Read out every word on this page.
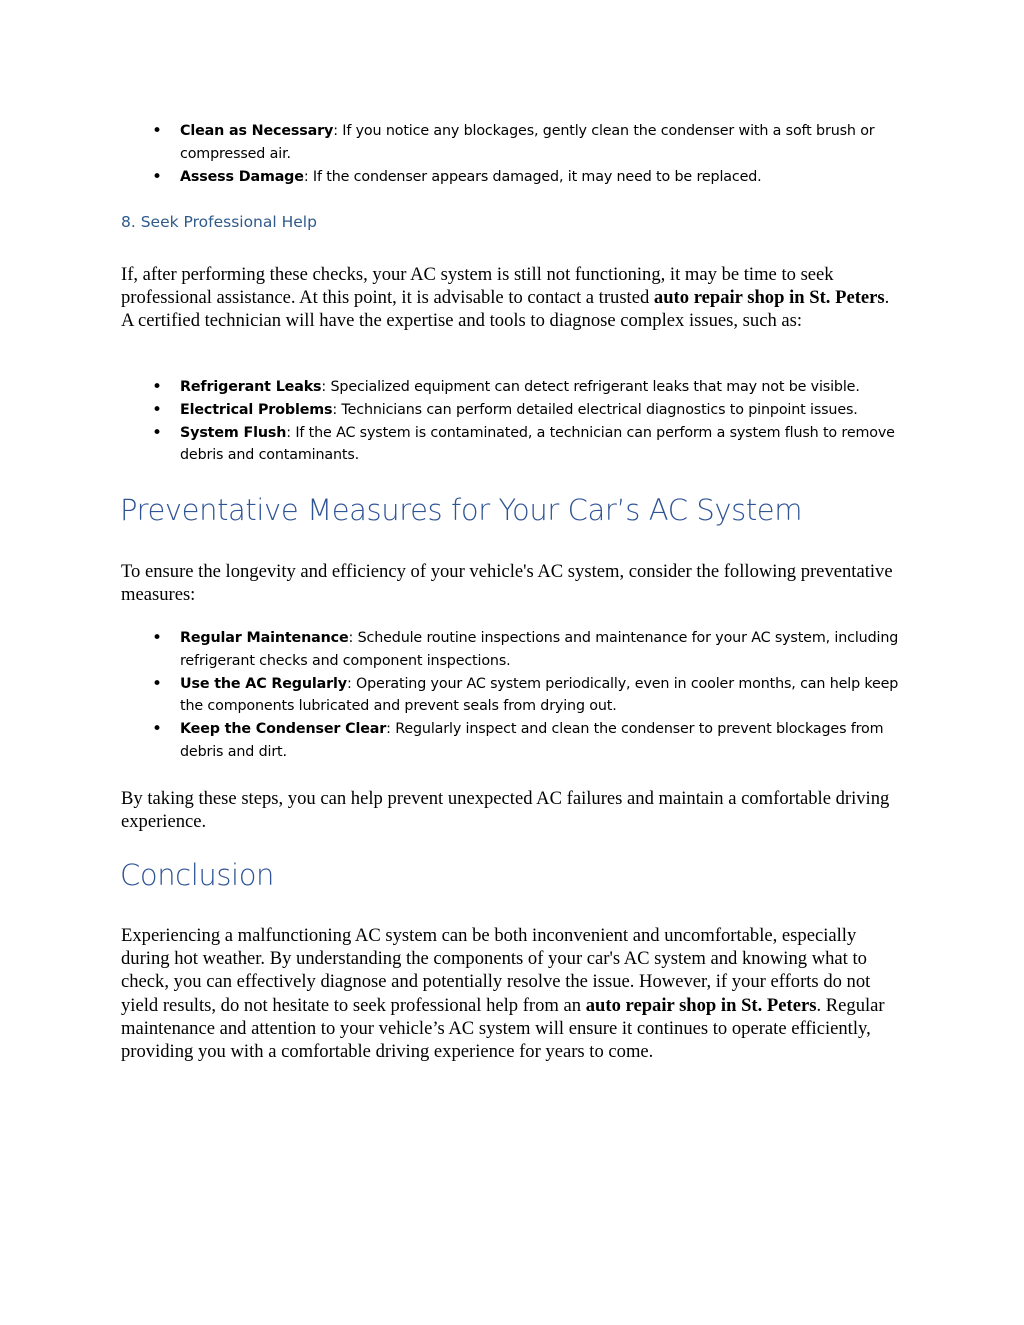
• Clean as Necessary: If you notice any blockages, gently clean the condenser with a soft brush or compressed air.
• Assess Damage: If the condenser appears damaged, it may need to be replaced.
8. Seek Professional Help

If, after performing these checks, your AC system is still not functioning, it may be time to seek professional assistance. At this point, it is advisable to contact a trusted auto repair shop in St. Peters. A certified technician will have the expertise and tools to diagnose complex issues, such as:

• Refrigerant Leaks: Specialized equipment can detect refrigerant leaks that may not be visible.
• Electrical Problems: Technicians can perform detailed electrical diagnostics to pinpoint issues.
• System Flush: If the AC system is contaminated, a technician can perform a system flush to remove debris and contaminants.
Preventative Measures for Your Car’s AC System

To ensure the longevity and efficiency of your vehicle's AC system, consider the following preventative measures:

• Regular Maintenance: Schedule routine inspections and maintenance for your AC system, including refrigerant checks and component inspections.
• Use the AC Regularly: Operating your AC system periodically, even in cooler months, can help keep the components lubricated and prevent seals from drying out.
• Keep the Condenser Clear: Regularly inspect and clean the condenser to prevent blockages from debris and dirt.

By taking these steps, you can help prevent unexpected AC failures and maintain a comfortable driving experience.

Conclusion

Experiencing a malfunctioning AC system can be both inconvenient and uncomfortable, especially during hot weather. By understanding the components of your car's AC system and knowing what to check, you can effectively diagnose and potentially resolve the issue. However, if your efforts do not yield results, do not hesitate to seek professional help from an auto repair shop in St. Peters. Regular maintenance and attention to your vehicle’s AC system will ensure it continues to operate efficiently, providing you with a comfortable driving experience for years to come.
